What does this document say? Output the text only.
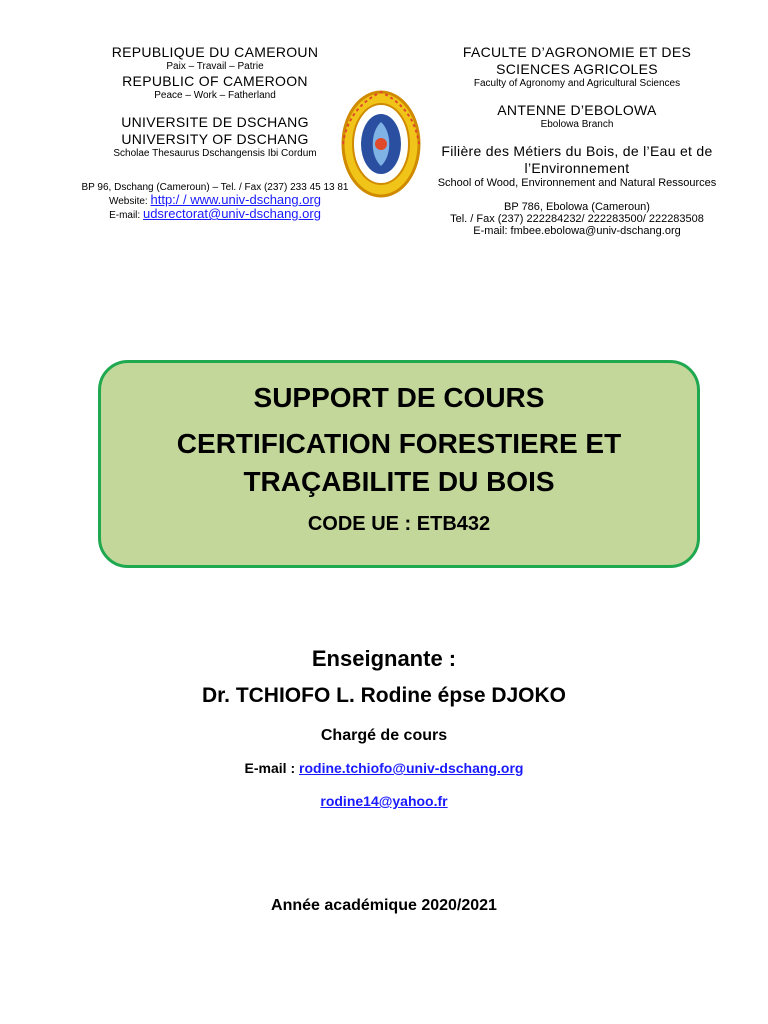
REPUBLIQUE DU CAMEROUN
Paix – Travail – Patrie
REPUBLIC OF CAMEROON
Peace – Work – Fatherland
UNIVERSITE DE DSCHANG
UNIVERSITY OF DSCHANG
Scholae Thesaurus Dschangensis Ibi Cordum
BP 96, Dschang (Cameroun) – Tel. / Fax (237) 233 45 13 81
Website: http:/ / www.univ-dschang.org
E-mail: udsrectorat@univ-dschang.org
FACULTE D’AGRONOMIE ET DES SCIENCES AGRICOLES
Faculty of Agronomy and Agricultural Sciences
ANTENNE D’EBOLOWA
Ebolowa Branch
Filière des Métiers du Bois, de l’Eau et de l’Environnement
School of Wood, Environnement and Natural Ressources
BP 786, Ebolowa (Cameroun)
Tel. / Fax (237) 222284232/ 222283500/ 222283508
E-mail: fmbee.ebolowa@univ-dschang.org
SUPPORT DE COURS
CERTIFICATION FORESTIERE ET
TRAÇABILITE DU BOIS
CODE UE : ETB432
Enseignante :
Dr. TCHIOFO L. Rodine épse DJOKO
Chargé de cours
E-mail : rodine.tchiofo@univ-dschang.org
rodine14@yahoo.fr
Année académique 2020/2021
